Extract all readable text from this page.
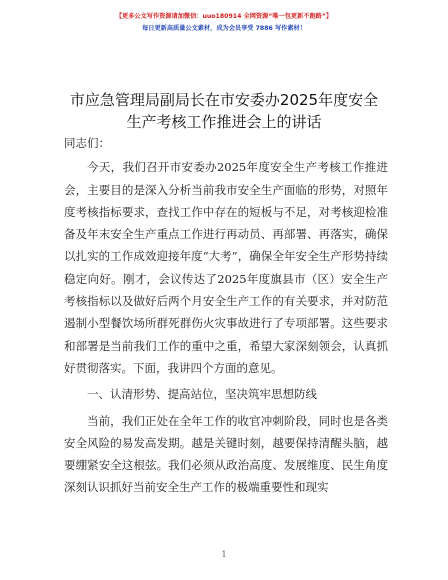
【更多公文写作资源请加微信：uuo180914 全网资源“唯一包更新不跑路”】
每日更新高质量公文素材，成为会员享受 7886 写作素材！
市应急管理局副局长在市安委办2025年度安全
生产考核工作推进会上的讲话

同志们：

今天，我们召开市安委办2025年度安全生产考核工作推进会，主要目的是深入分析当前我市安全生产面临的形势，对照年度考核指标要求，查找工作中存在的短板与不足，对考核迎检准备及年末安全生产重点工作进行再动员、再部署、再落实，确保以扎实的工作成效迎接年度“大考”，确保全年安全生产形势持续稳定向好。刚才，会议传达了2025年度旗县市（区）安全生产考核指标以及做好后两个月安全生产工作的有关要求，并对防范遏制小型餐饮场所群死群伤火灾事故进行了专项部署。这些要求和部署是当前我们工作的重中之重，希望大家深刻领会，认真抓好贯彻落实。下面，我讲四个方面的意见。

一、认清形势、提高站位，坚决筑牢思想防线

当前，我们正处在全年工作的收官冲刺阶段，同时也是各类安全风险的易发高发期。越是关键时刻，越要保持清醒头脑，越要绷紧安全这根弦。我们必须从政治高度、发展维度、民生角度深刻认识抓好当前安全生产工作的极端重要性和现实

1
